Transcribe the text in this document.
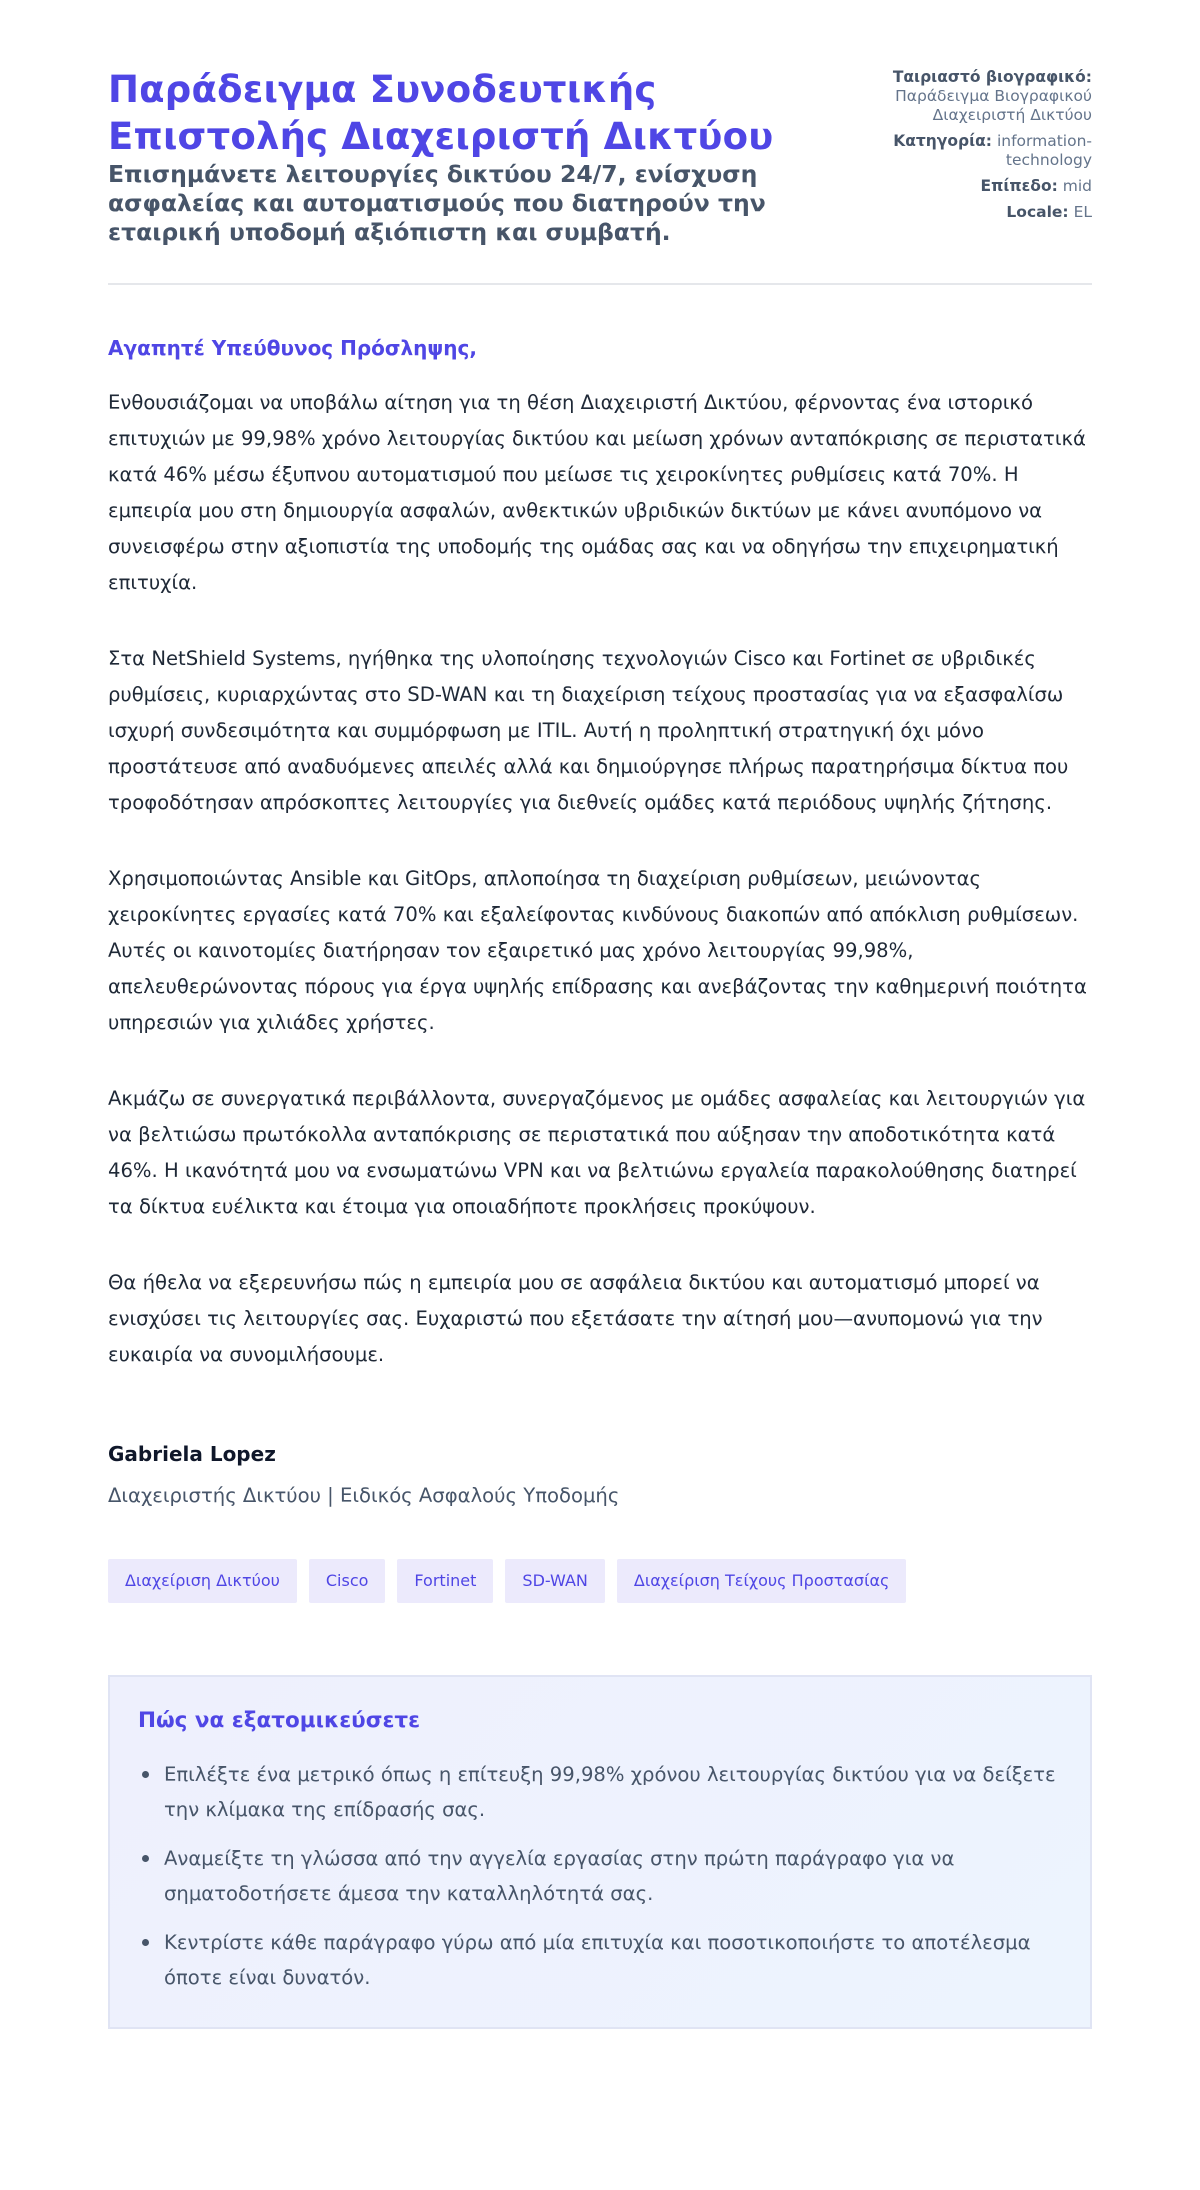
Παράδειγμα Συνοδευτικής Επιστολής Διαχειριστή Δικτύου

Επισημάνετε λειτουργίες δικτύου 24/7, ενίσχυση ασφαλείας και αυτοματισμούς που διατηρούν την εταιρική υποδομή αξιόπιστη και συμβατή.

Ταιριαστό βιογραφικό: Παράδειγμα Βιογραφικού Διαχειριστή Δικτύου
Κατηγορία: information-technology
Επίπεδο: mid
Locale: EL

Αγαπητέ Υπεύθυνος Πρόσληψης,

Ενθουσιάζομαι να υποβάλω αίτηση για τη θέση Διαχειριστή Δικτύου, φέρνοντας ένα ιστορικό επιτυχιών με 99,98% χρόνο λειτουργίας δικτύου και μείωση χρόνων ανταπόκρισης σε περιστατικά κατά 46% μέσω έξυπνου αυτοματισμού που μείωσε τις χειροκίνητες ρυθμίσεις κατά 70%. Η εμπειρία μου στη δημιουργία ασφαλών, ανθεκτικών υβριδικών δικτύων με κάνει ανυπόμονο να συνεισφέρω στην αξιοπιστία της υποδομής της ομάδας σας και να οδηγήσω την επιχειρηματική επιτυχία.

Στα NetShield Systems, ηγήθηκα της υλοποίησης τεχνολογιών Cisco και Fortinet σε υβριδικές ρυθμίσεις, κυριαρχώντας στο SD-WAN και τη διαχείριση τείχους προστασίας για να εξασφαλίσω ισχυρή συνδεσιμότητα και συμμόρφωση με ITIL. Αυτή η προληπτική στρατηγική όχι μόνο προστάτευσε από αναδυόμενες απειλές αλλά και δημιούργησε πλήρως παρατηρήσιμα δίκτυα που τροφοδότησαν απρόσκοπτες λειτουργίες για διεθνείς ομάδες κατά περιόδους υψηλής ζήτησης.

Χρησιμοποιώντας Ansible και GitOps, απλοποίησα τη διαχείριση ρυθμίσεων, μειώνοντας χειροκίνητες εργασίες κατά 70% και εξαλείφοντας κινδύνους διακοπών από απόκλιση ρυθμίσεων. Αυτές οι καινοτομίες διατήρησαν τον εξαιρετικό μας χρόνο λειτουργίας 99,98%, απελευθερώνοντας πόρους για έργα υψηλής επίδρασης και ανεβάζοντας την καθημερινή ποιότητα υπηρεσιών για χιλιάδες χρήστες.

Ακμάζω σε συνεργατικά περιβάλλοντα, συνεργαζόμενος με ομάδες ασφαλείας και λειτουργιών για να βελτιώσω πρωτόκολλα ανταπόκρισης σε περιστατικά που αύξησαν την αποδοτικότητα κατά 46%. Η ικανότητά μου να ενσωματώνω VPN και να βελτιώνω εργαλεία παρακολούθησης διατηρεί τα δίκτυα ευέλικτα και έτοιμα για οποιαδήποτε προκλήσεις προκύψουν.

Θα ήθελα να εξερευνήσω πώς η εμπειρία μου σε ασφάλεια δικτύου και αυτοματισμό μπορεί να ενισχύσει τις λειτουργίες σας. Ευχαριστώ που εξετάσατε την αίτησή μου—ανυπομονώ για την ευκαιρία να συνομιλήσουμε.

Gabriela Lopez

Διαχειριστής Δικτύου | Ειδικός Ασφαλούς Υποδομής

Διαχείριση Δικτύου	Cisco	Fortinet	SD-WAN	Διαχείριση Τείχους Προστασίας
Πώς να εξατομικεύσετε
Επιλέξτε ένα μετρικό όπως η επίτευξη 99,98% χρόνου λειτουργίας δικτύου για να δείξετε την κλίμακα της επίδρασής σας.
Αναμείξτε τη γλώσσα από την αγγελία εργασίας στην πρώτη παράγραφο για να σηματοδοτήσετε άμεσα την καταλληλότητά σας.
Κεντρίστε κάθε παράγραφο γύρω από μία επιτυχία και ποσοτικοποιήστε το αποτέλεσμα όποτε είναι δυνατόν.
